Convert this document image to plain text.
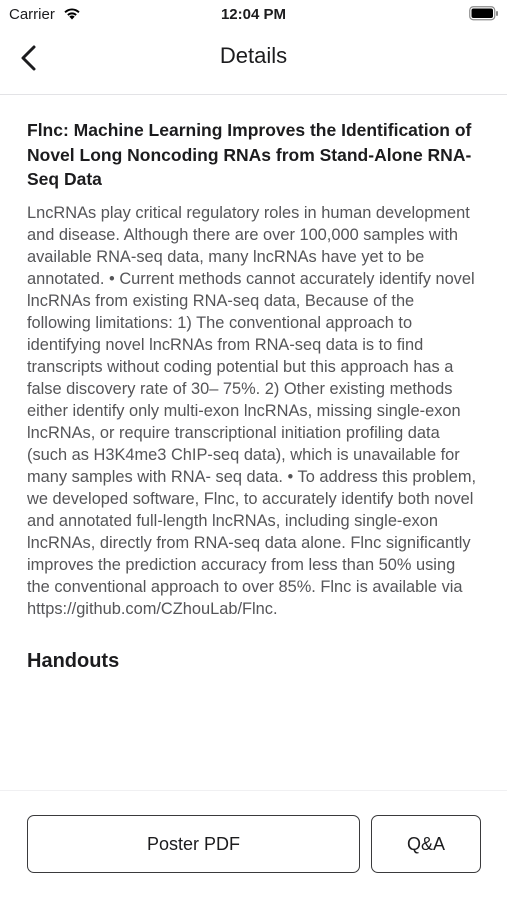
Carrier	12:04 PM
Details
Flnc: Machine Learning Improves the Identification of Novel Long Noncoding RNAs from Stand-Alone RNA-Seq Data

LncRNAs play critical regulatory roles in human development and disease. Although there are over 100,000 samples with available RNA-seq data, many lncRNAs have yet to be annotated. • Current methods cannot accurately identify novel lncRNAs from existing RNA-seq data, Because of the following limitations: 1) The conventional approach to identifying novel lncRNAs from RNA-seq data is to find transcripts without coding potential but this approach has a false discovery rate of 30– 75%. 2) Other existing methods either identify only multi-exon lncRNAs, missing single-exon lncRNAs, or require transcriptional initiation profiling data (such as H3K4me3 ChIP-seq data), which is unavailable for many samples with RNA- seq data. • To address this problem, we developed software, Flnc, to accurately identify both novel and annotated full-length lncRNAs, including single-exon lncRNAs, directly from RNA-seq data alone. Flnc significantly improves the prediction accuracy from less than 50% using the conventional approach to over 85%. Flnc is available via https://github.com/CZhouLab/Flnc.

Handouts
Poster PDF	Q&A
